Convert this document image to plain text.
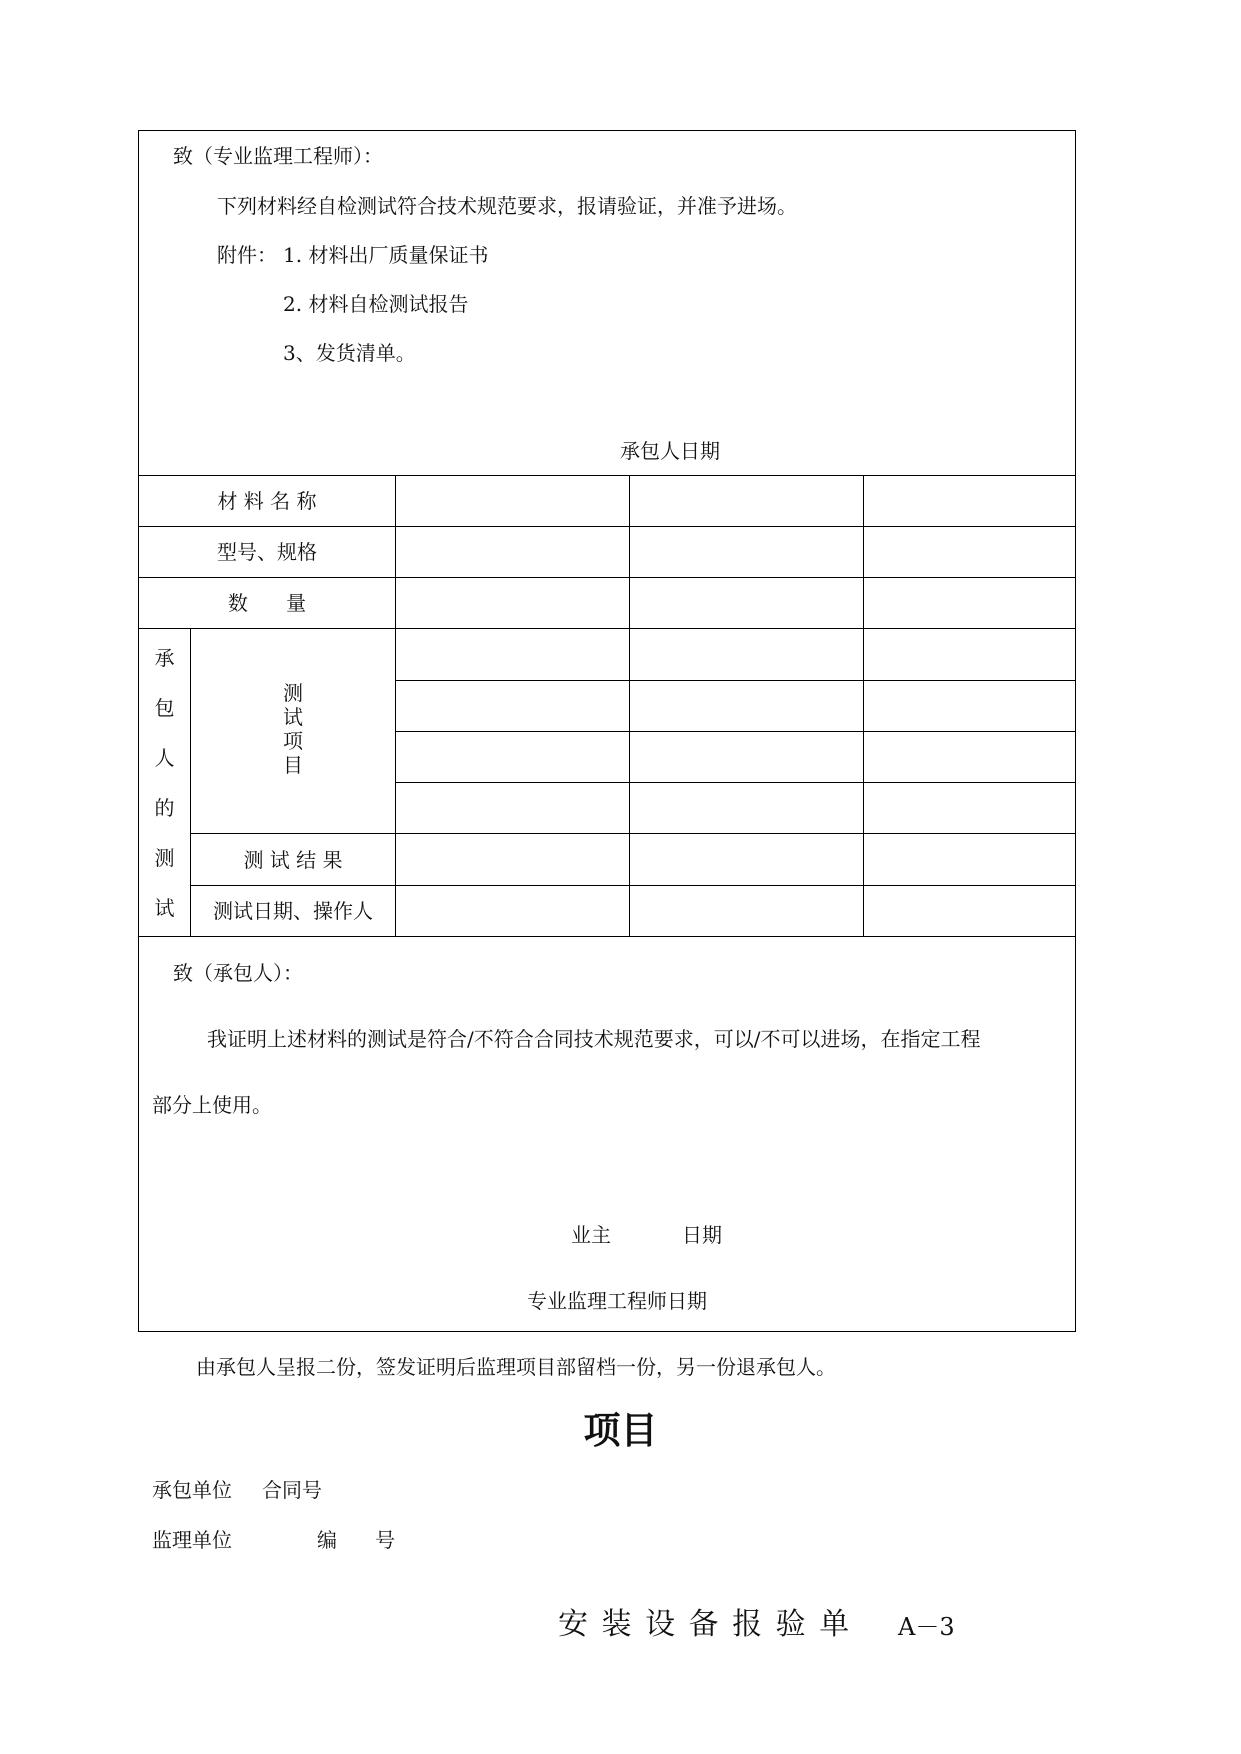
致（专业监理工程师）：
下列材料经自检测试符合技术规范要求，报请验证，并准予进场。
附件： 1. 材料出厂质量保证书
2. 材料自检测试报告
3、发货清单。
承包人日期
材 料 名 称
型号、规格
数      量
承
包
人
的
测
试
测
试
项
目
测 试 结 果
测试日期、操作人
致（承包人）：
我证明上述材料的测试是符合/不符合合同技术规范要求，可以/不可以进场，在指定工程
部分上使用。
业主	日期
专业监理工程师日期
由承包人呈报二份，签发证明后监理项目部留档一份，另一份退承包人。
项目
承包单位 合同号
监理单位	编      号
安 装 设 备 报 验 单 A－3
